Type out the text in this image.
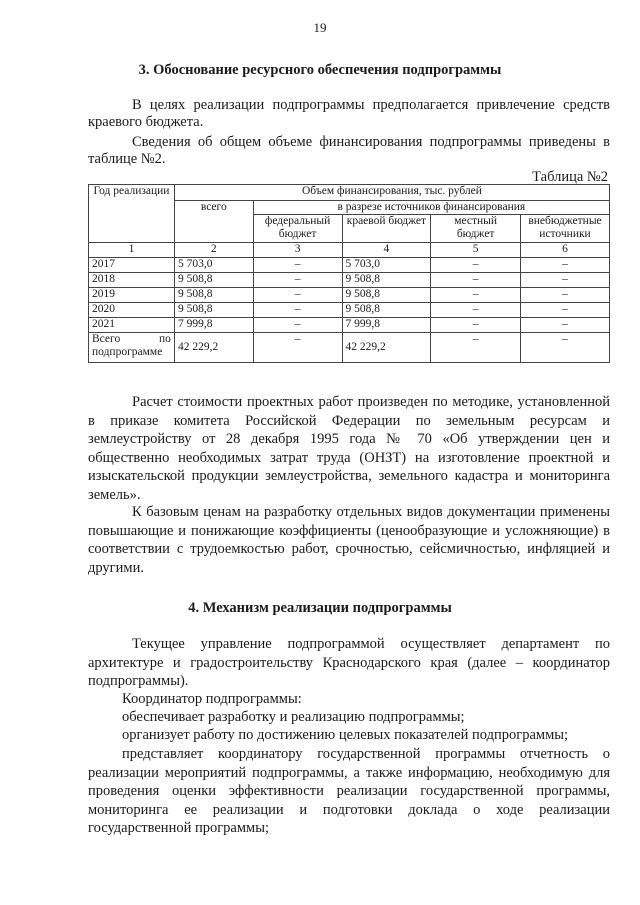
19
3. Обоснование ресурсного обеспечения подпрограммы
В целях реализации подпрограммы предполагается привлечение средств
краевого бюджета.
Сведения об общем объеме финансирования подпрограммы приведены в
таблице №2.
Таблица №2
Год реализации	Объем финансирования, тыс. рублей				
	всего	в разрезе источников финансирования			
		федеральный бюджет	краевой бюджет	местный бюджет	внебюджетные источники
1	2	3	4	5	6
2017	5 703,0	–	5 703,0	–	–
2018	9 508,8	–	9 508,8	–	–
2019	9 508,8	–	9 508,8	–	–
2020	9 508,8	–	9 508,8	–	–
2021	7 999,8	–	7 999,8	–	–

Всего по
подпрограмме	42 229,2	–	42 229,2	–	–

Расчет стоимости проектных работ произведен по методике, установленной в приказе комитета Российской Федерации по земельным ресурсам и землеустройству от 28 декабря 1995 года № 70 «Об утверждении цен и общественно необходимых затрат труда (ОНЗТ) на изготовление проектной и изыскательской продукции землеустройства, земельного кадастра и мониторинга земель».

К базовым ценам на разработку отдельных видов документации применены повышающие и понижающие коэффициенты (ценообразующие и усложняющие) в соответствии с трудоемкостью работ, срочностью, сейсмичностью, инфляцией и другими.

4. Механизм реализации подпрограммы

Текущее управление подпрограммой осуществляет департамент по архитектуре и градостроительству Краснодарского края (далее – координатор подпрограммы).

Координатор подпрограммы:
обеспечивает разработку и реализацию подпрограммы;
организует работу по достижению целевых показателей подпрограммы;

представляет координатору государственной программы отчетность о реализации мероприятий подпрограммы, а также информацию, необходимую для проведения оценки эффективности реализации государственной программы, мониторинга ее реализации и подготовки доклада о ходе реализации государственной программы;
